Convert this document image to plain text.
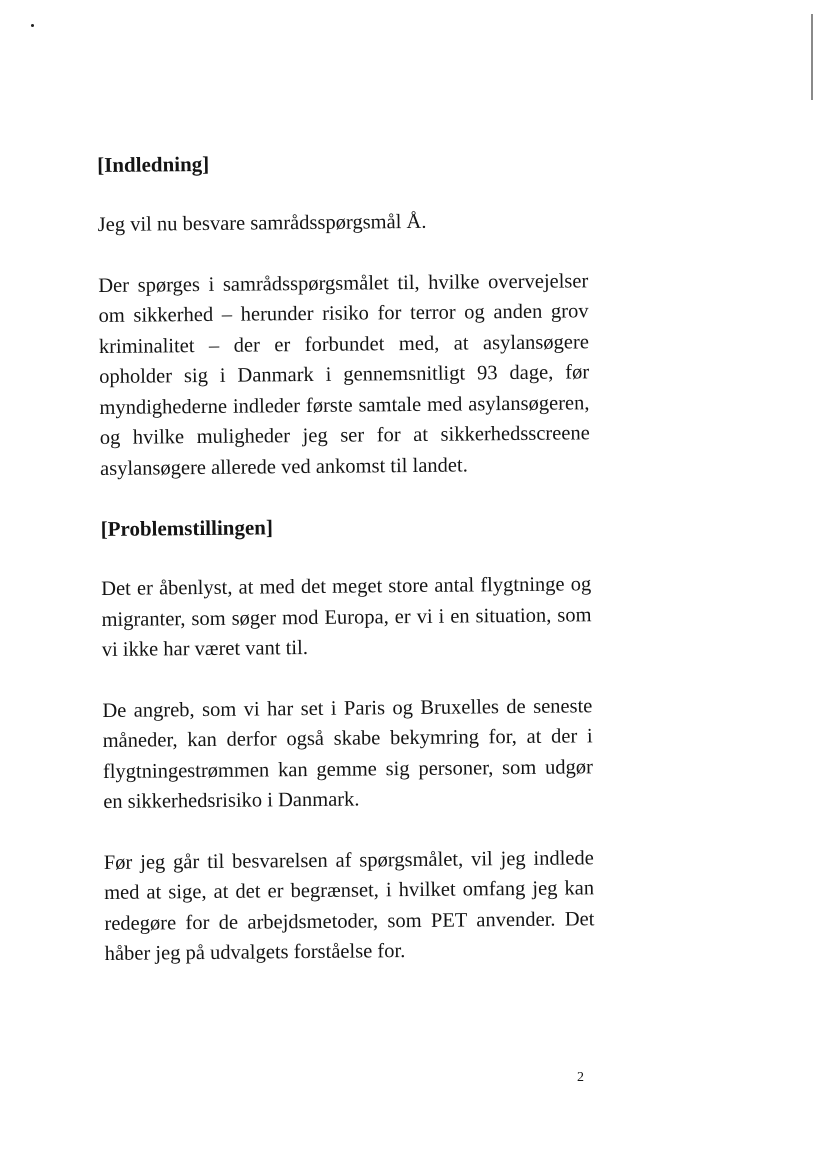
[Indledning]

Jeg vil nu besvare samrådsspørgsmål Å.

Der spørges i samrådsspørgsmålet til, hvilke overvejelser om sikkerhed – herunder risiko for terror og anden grov kriminalitet – der er forbundet med, at asylansøgere opholder sig i Danmark i gennemsnitligt 93 dage, før myndighederne indleder første samtale med asylansøgeren, og hvilke muligheder jeg ser for at sikkerhedsscreene asylansøgere allerede ved ankomst til landet.

[Problemstillingen]

Det er åbenlyst, at med det meget store antal flygtninge og migranter, som søger mod Europa, er vi i en situation, som vi ikke har været vant til.

De angreb, som vi har set i Paris og Bruxelles de seneste måneder, kan derfor også skabe bekymring for, at der i flygtningestrømmen kan gemme sig personer, som udgør en sikkerhedsrisiko i Danmark.

Før jeg går til besvarelsen af spørgsmålet, vil jeg indlede med at sige, at det er begrænset, i hvilket omfang jeg kan redegøre for de arbejdsmetoder, som PET anvender. Det håber jeg på udvalgets forståelse for.

2
